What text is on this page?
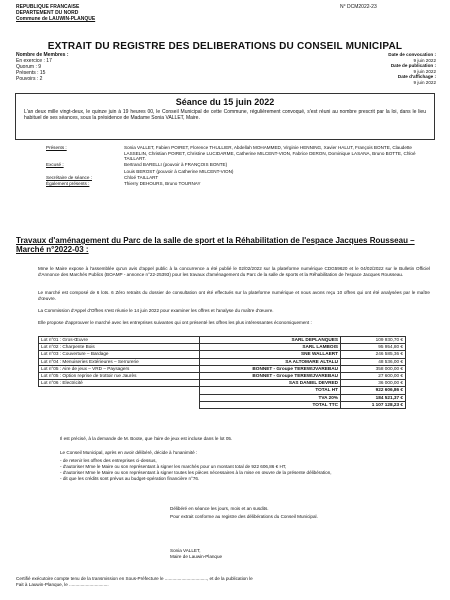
REPUBLIQUE FRANCAISE
DEPARTEMENT DU NORD
Commune de LAUWIN-PLANQUE
N° DCM2022-23
EXTRAIT DU REGISTRE DES DELIBERATIONS DU CONSEIL MUNICIPAL
Nombre de Membres :
En exercice : 17
Quorum : 9
Présents : 15
Pouvoirs : 2
Date de convocation :
9 juin 2022
Date de publication :
9 juin 2022
Date d'affichage :
9 juin 2022
Séance du 15 juin 2022
L'an deux mille vingt-deux, le quinze juin à 19 heures 00, le Conseil Municipal de cette Commune, régulièrement convoqué, s'est réuni au nombre prescrit par la loi, dans le lieu habituel de ses séances, sous la présidence de Madame Sonia VALLET, Maire.
Présents :	Sonia VALLET, Fabien POIRET, Florence THULLIER, Abdellah MOHAMMED, Virginie HENNING, Xavier HALUT, François BONTE, Claudette LASSELIN, Christian POIRET, Christine LUCIDARME, Catherine MILCENT-VION, Fabrice DERON, Dominique LASANA, Bruno BOTTE, Chloé TAILLART.
Excusé :	Bertrand BARELLI (pouvoir à FRANÇOIS BONTE)
Louis BEROST (pouvoir à Catherine MILCENT-VION)
Secrétaire de séance :	Chloé TAILLART
Également présents :	Thierry DEHOURS, Bruno TOURNAY
Travaux d'aménagement du Parc de la salle de sport et la Réhabilitation de l'espace Jacques Rousseau – Marché n°2022-03 :
Mme le Maire expose à l'assemblée qu'un avis d'appel public à la concurrence a été publié le 02/02/2022 sur la plateforme numérique CDG59620 et le 04/02/2022 sur le Bulletin Officiel d'Annonce des Marchés Publics (BOAMP - annonce n°22-25393) pour les travaux d'aménagement du Parc de la salle de sports et la Réhabilitation de l'espace Jacques Rousseau.
Le marché est composé de 6 lots. 6 Zéro retraits du dossier de consultation ont été effectués sur la plateforme numérique et nous avons reçu 10 offres qui ont été analysées par le maître d'œuvre.
La Commission d'Appel d'Offres s'est réunie le 14 juin 2022 pour examiner les offres et l'analyse du maître d'œuvre.
Elle propose d'approuver le marché avec les entreprises suivantes qui ont présenté les offres les plus intéressantes économiquement :
Lot n°01 : Gros-Œuvre	SARL DEPLANQUES	109 930,70 €
Lot n°02 : Charpente Bois	SARL LAMBOIS	95 954,80 €
Lot n°03 : Couverture – Bardage	SNE WALLAERT	246 585,36 €
Lot n°04 : Menuiseries Extérieures – Serrurerie	SA ALTOMARE ALTALU	48 536,00 €
Lot n°05 : Aire de jeux – VRD – Paysagers	BONNET - Groupe TEREWIJVAREBAU	358 000,00 €
Lot n°05 : Option reprise de trottoir rue Jaurès	BONNET - Groupe TEREWIJVAREBAU	27 600,00 €
Lot n°06 : Electricité	SAS DANIEL DEVRED	36 000,00 €
	TOTAL HT	922 606,86 €
	TVA 20%	184 521,37 €
	TOTAL TTC	1 107 128,23 €
Il est précisé, à la demande de M. Boote, que l'aire de jeux est incluse dans le lot 05.
Le Conseil Municipal, après en avoir délibéré, décide à l'unanimité :
- de retenir les offres des entreprises ci-dessus,
- d'autoriser Mme le Maire ou son représentant à signer les marchés pour un montant total de 922 606,86 € HT,
- d'autoriser Mme le Maire ou son représentant à signer toutes les pièces nécessaires à la mise en œuvre de la présente délibération,
- dit que les crédits sont prévus au budget-opération financière n°76.
Délibéré en séance les jours, mois et an susdits.
Pour extrait conforme au registre des délibérations du Conseil Municipal.
Sonia VALLET,
Maire de Lauwin-Planque
Certifié exécutoire compte tenu de la transmission en Sous-Préfecture le ................................., et de la publication le
Fait à Lauwin-Planque, le ...............................
